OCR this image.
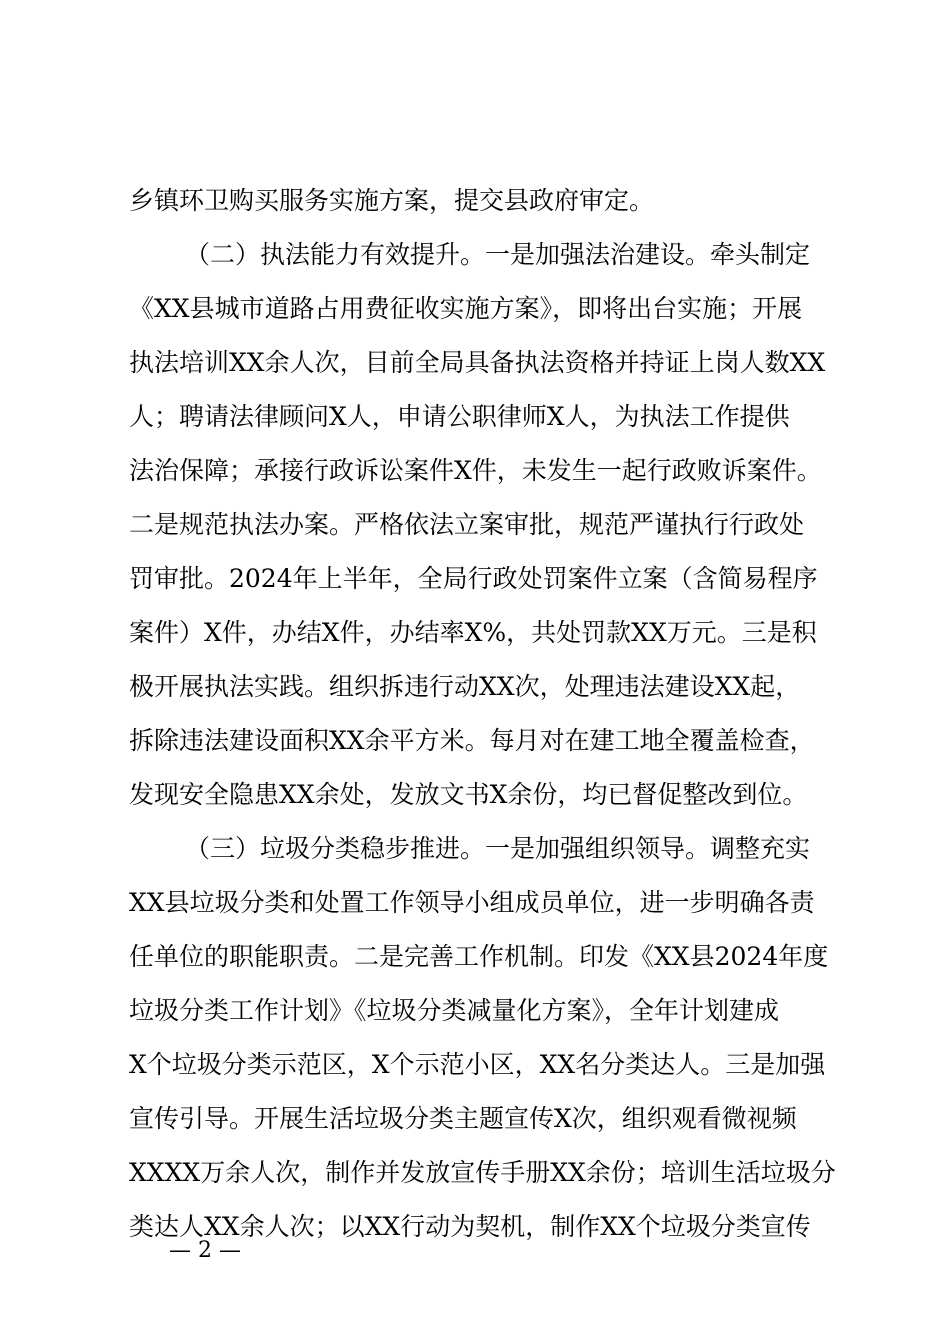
乡镇环卫购买服务实施方案，提交县政府审定。
（二）执法能力有效提升。一是加强法治建设。牵头制定
《XX县城市道路占用费征收实施方案》，即将出台实施；开展
执法培训XX余人次，目前全局具备执法资格并持证上岗人数XX
人；聘请法律顾问X人，申请公职律师X人，为执法工作提供
法治保障；承接行政诉讼案件X件，未发生一起行政败诉案件。
二是规范执法办案。严格依法立案审批，规范严谨执行行政处
罚审批。2024年上半年，全局行政处罚案件立案（含简易程序
案件）X件，办结X件，办结率X%，共处罚款XX万元。三是积
极开展执法实践。组织拆违行动XX次，处理违法建设XX起，
拆除违法建设面积XX余平方米。每月对在建工地全覆盖检查，
发现安全隐患XX余处，发放文书X余份，均已督促整改到位。
（三）垃圾分类稳步推进。一是加强组织领导。调整充实
XX县垃圾分类和处置工作领导小组成员单位，进一步明确各责
任单位的职能职责。二是完善工作机制。印发《XX县2024年度
垃圾分类工作计划》《垃圾分类减量化方案》，全年计划建成
X个垃圾分类示范区，X个示范小区，XX名分类达人。三是加强
宣传引导。开展生活垃圾分类主题宣传X次，组织观看微视频
XXXX万余人次，制作并发放宣传手册XX余份；培训生活垃圾分
类达人XX余人次；以XX行动为契机，制作XX个垃圾分类宣传
— 2 —
